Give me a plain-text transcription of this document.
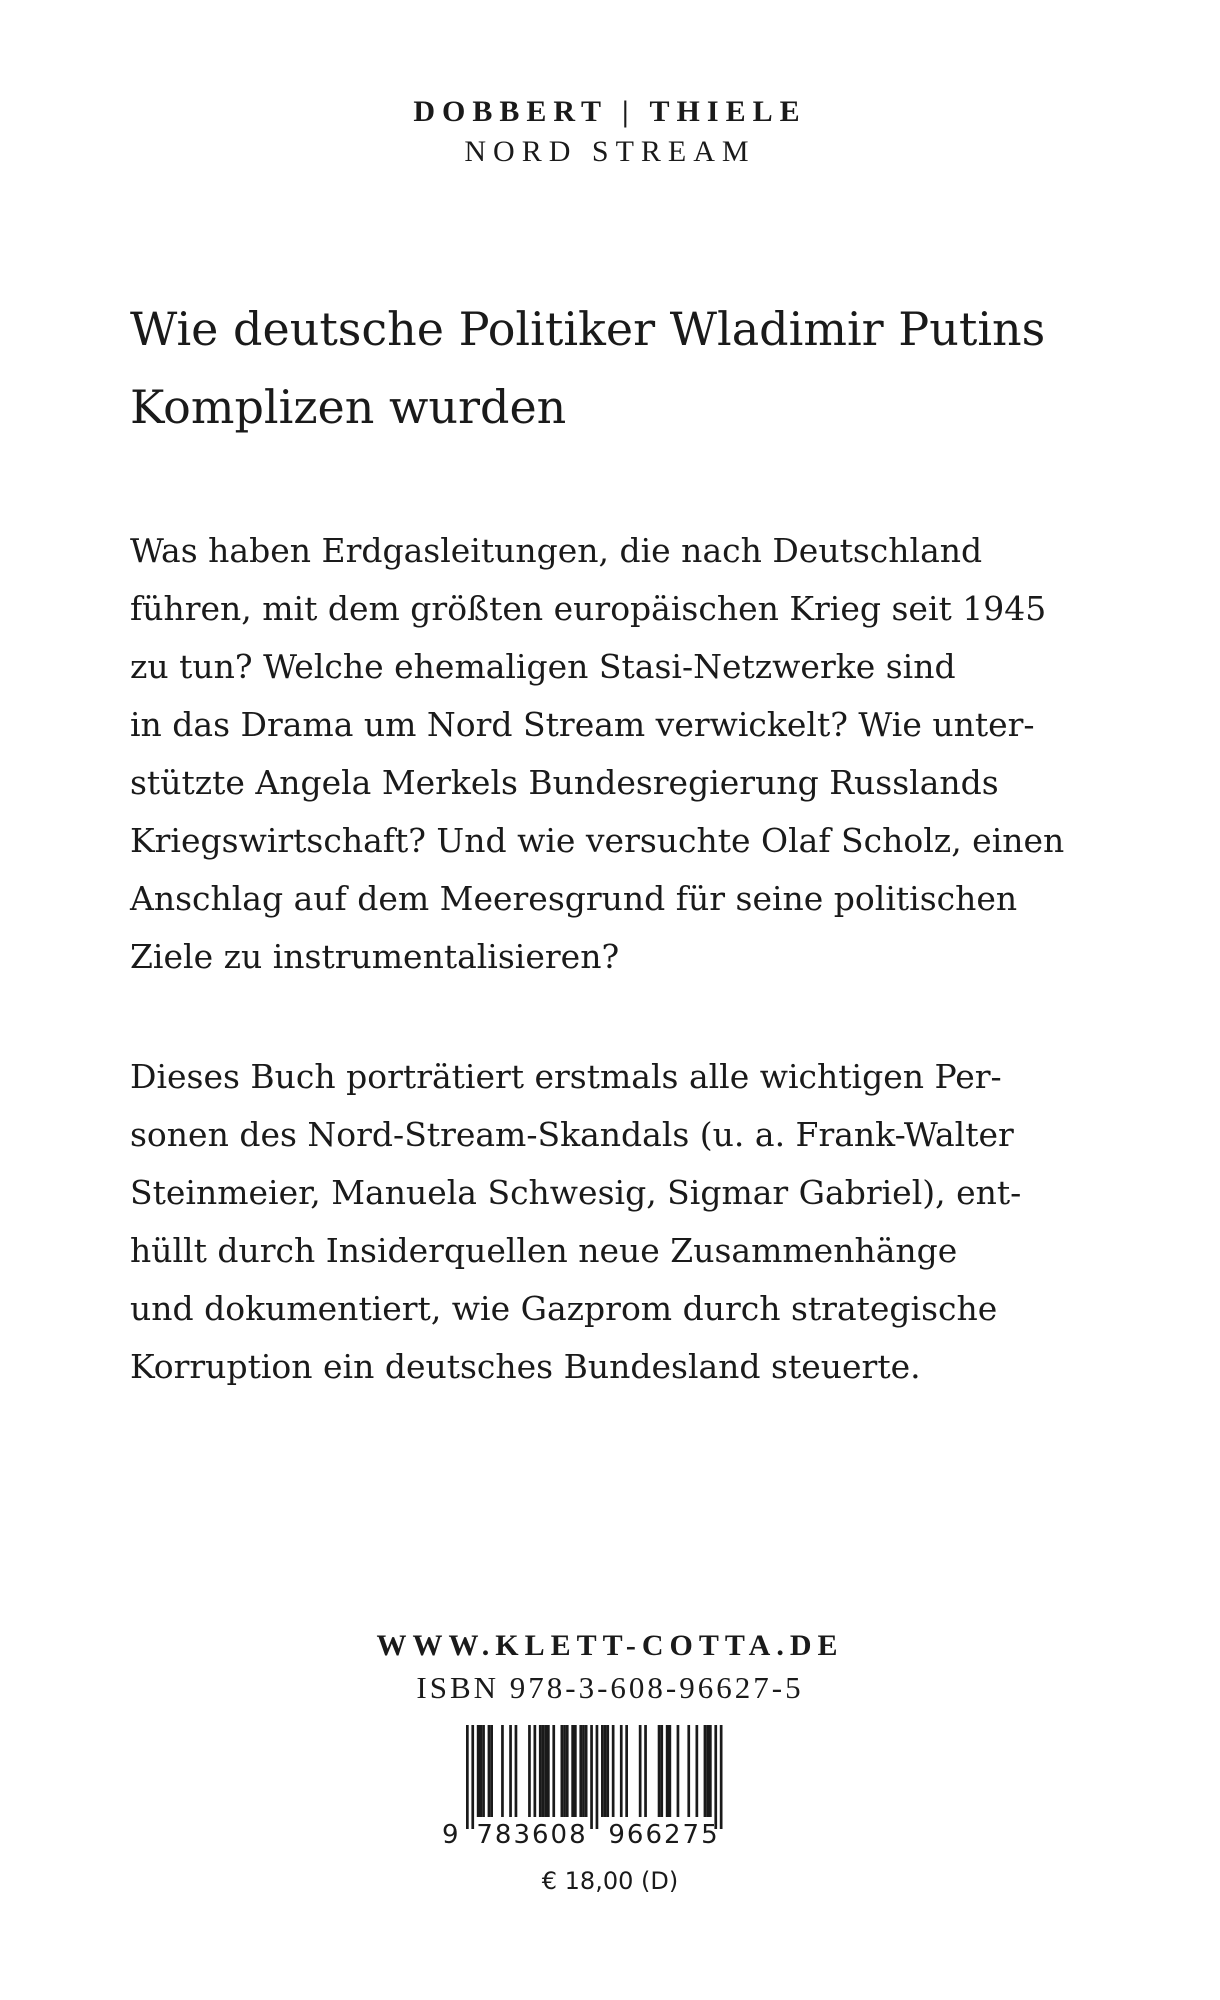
DOBBERT | THIELE
NORD STREAM
Wie deutsche Politiker Wladimir Putins
Komplizen wurden
Was haben Erdgasleitungen, die nach Deutschland
führen, mit dem größten europäischen Krieg seit 1945
zu tun? Welche ehemaligen Stasi-Netzwerke sind
in das Drama um Nord Stream verwickelt? Wie unter-
stützte Angela Merkels Bundesregierung Russlands
Kriegswirtschaft? Und wie versuchte Olaf Scholz, einen
Anschlag auf dem Meeresgrund für seine politischen
Ziele zu instrumentalisieren?
Dieses Buch porträtiert erstmals alle wichtigen Per-
sonen des Nord-Stream-Skandals (u. a. Frank-Walter
Steinmeier, Manuela Schwesig, Sigmar Gabriel), ent-
hüllt durch Insiderquellen neue Zusammenhänge
und dokumentiert, wie Gazprom durch strategische
Korruption ein deutsches Bundesland steuerte.
WWW.KLETT-COTTA.DE
ISBN 978-3-608-96627-5
9 783608 966275
€ 18,00 (D)
